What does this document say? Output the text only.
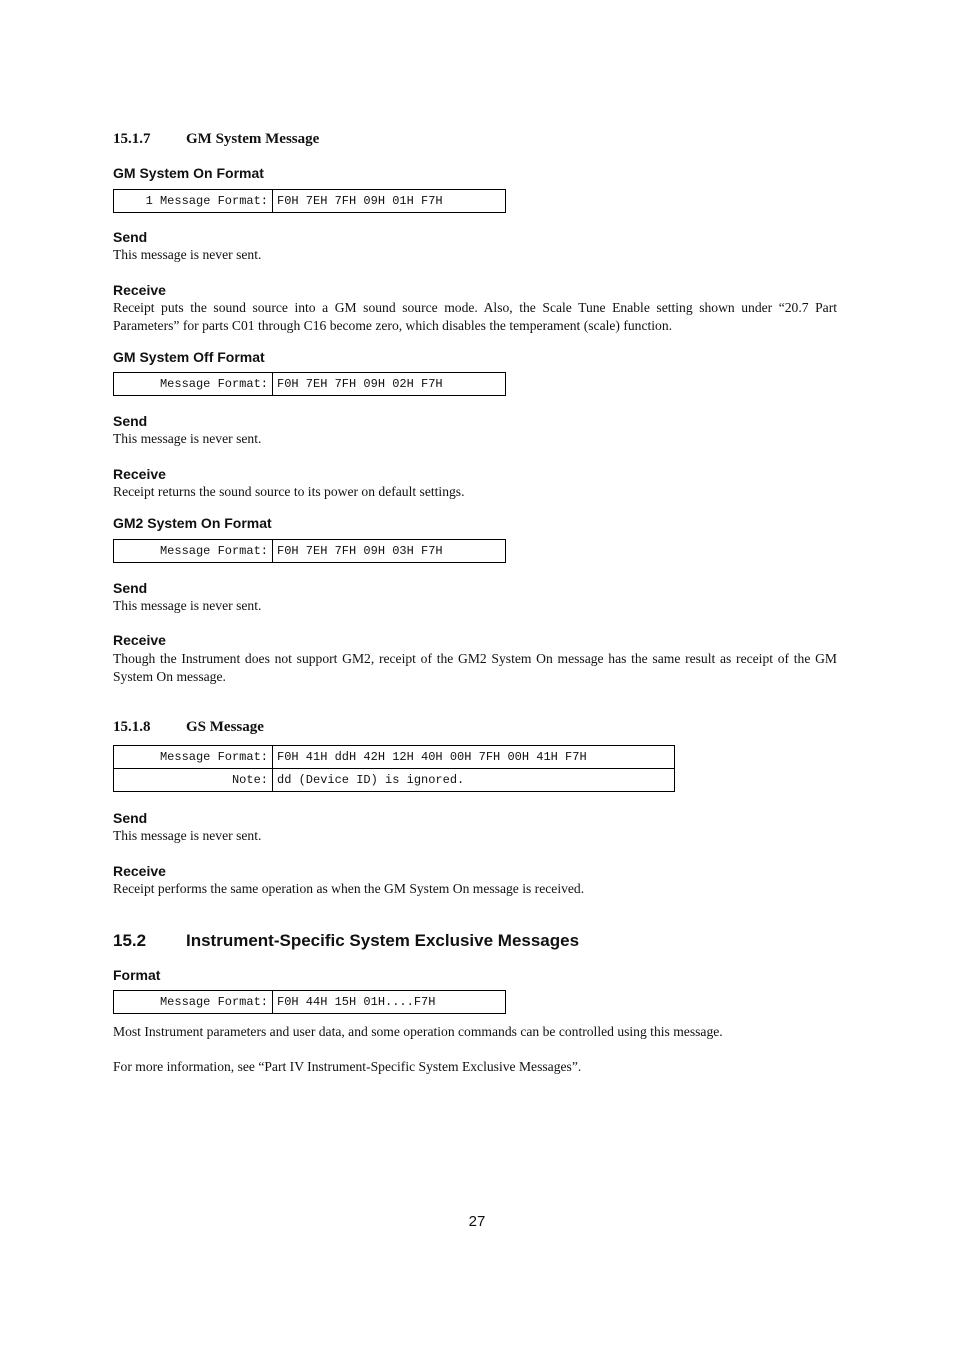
15.1.7 GM System Message
GM System On Format
1 Message Format:	F0H 7EH 7FH 09H 01H F7H
Send
This message is never sent.
Receive
Receipt puts the sound source into a GM sound source mode. Also, the Scale Tune Enable setting shown under “20.7 Part Parameters” for parts C01 through C16 become zero, which disables the temperament (scale) function.
GM System Off Format
Message Format:	F0H 7EH 7FH 09H 02H F7H
Send
This message is never sent.
Receive
Receipt returns the sound source to its power on default settings.
GM2 System On Format
Message Format:	F0H 7EH 7FH 09H 03H F7H
Send
This message is never sent.
Receive
Though the Instrument does not support GM2, receipt of the GM2 System On message has the same result as receipt of the GM System On message.
15.1.8 GS Message
Message Format:	F0H 41H ddH 42H 12H 40H 00H 7FH 00H 41H F7H
Note:	dd (Device ID) is ignored.
Send
This message is never sent.
Receive
Receipt performs the same operation as when the GM System On message is received.
15.2 Instrument-Specific System Exclusive Messages
Format
Message Format:	F0H 44H 15H 01H....F7H
Most Instrument parameters and user data, and some operation commands can be controlled using this message.
For more information, see “Part IV Instrument-Specific System Exclusive Messages”.
27
